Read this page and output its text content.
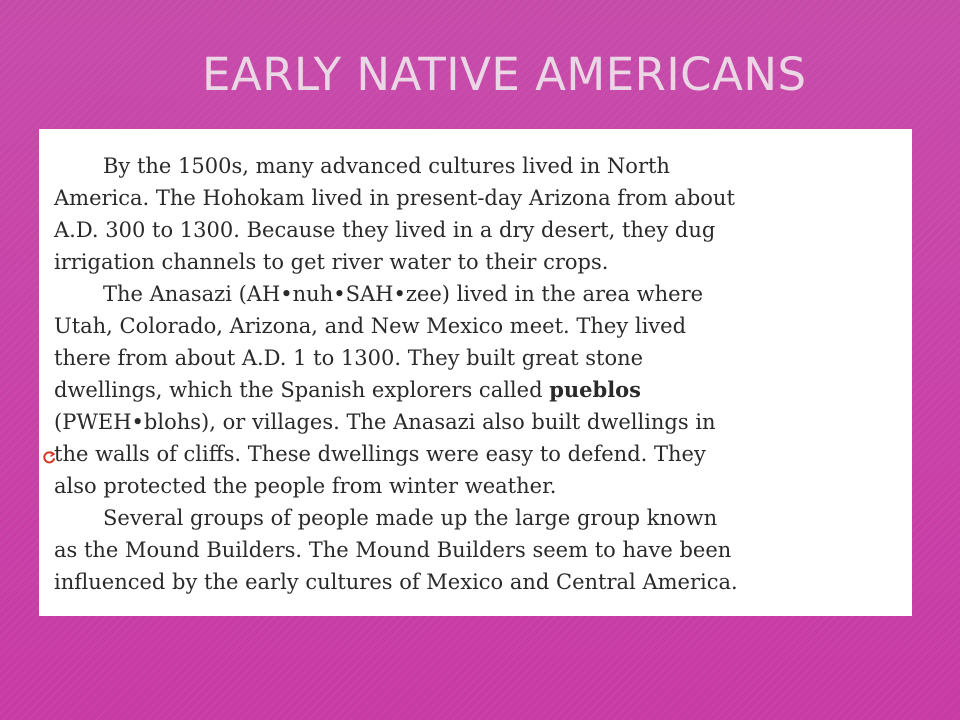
EARLY NATIVE AMERICANS
By the 1500s, many advanced cultures lived in North
America. The Hohokam lived in present-day Arizona from about
A.D. 300 to 1300. Because they lived in a dry desert, they dug
irrigation channels to get river water to their crops.
The Anasazi (AH•nuh•SAH•zee) lived in the area where
Utah, Colorado, Arizona, and New Mexico meet. They lived
there from about A.D. 1 to 1300. They built great stone
dwellings, which the Spanish explorers called pueblos
(PWEH•blohs), or villages. The Anasazi also built dwellings in
the walls of cliffs. These dwellings were easy to defend. They
also protected the people from winter weather.
Several groups of people made up the large group known
as the Mound Builders. The Mound Builders seem to have been
influenced by the early cultures of Mexico and Central America.
